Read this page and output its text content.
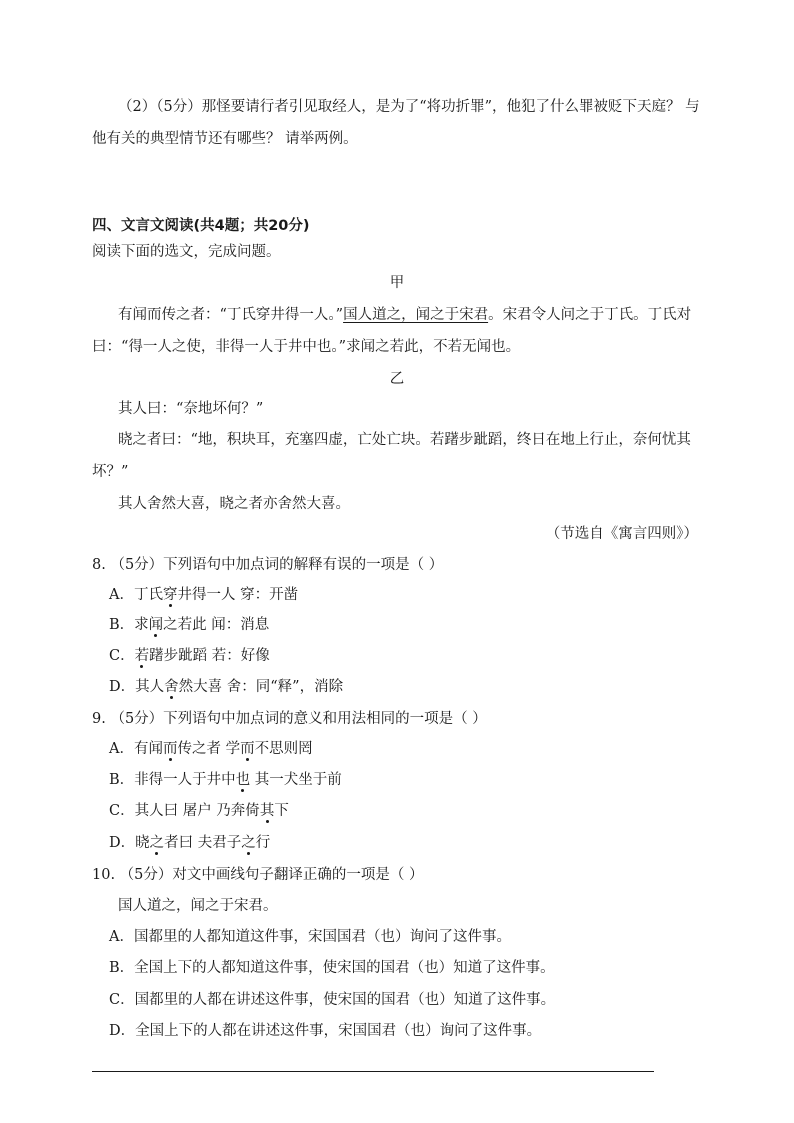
（2）（5分）那怪要请行者引见取经人，是为了“将功折罪”，他犯了什么罪被贬下天庭？ 与
他有关的典型情节还有哪些？ 请举两例。
四、文言文阅读(共4题；共20分)
阅读下面的选文，完成问题。
甲
有闻而传之者：“丁氏穿井得一人。”国人道之，闻之于宋君。宋君令人问之于丁氏。丁氏对
曰：“得一人之使，非得一人于井中也。”求闻之若此，不若无闻也。
乙
其人曰：“奈地坏何？”
晓之者曰：“地，积块耳，充塞四虚，亡处亡块。若躇步跐蹈，终日在地上行止，奈何忧其
坏？”
其人舍然大喜，晓之者亦舍然大喜。
（节选自《寓言四则》）
8. （5分）下列语句中加点词的解释有误的一项是（ ）
A．丁氏穿井得一人 穿：开凿
B．求闻之若此 闻：消息
C．若躇步跐蹈 若：好像
D．其人舍然大喜 舍：同“释”，消除
9. （5分）下列语句中加点词的意义和用法相同的一项是（ ）
A．有闻而传之者 学而不思则罔
B．非得一人于井中也 其一犬坐于前
C．其人曰 屠户 乃奔倚其下
D．晓之者曰 夫君子之行
10. （5分）对文中画线句子翻译正确的一项是（ ）
国人道之，闻之于宋君。
A．国都里的人都知道这件事，宋国国君（也）询问了这件事。
B．全国上下的人都知道这件事，使宋国的国君（也）知道了这件事。
C．国都里的人都在讲述这件事，使宋国的国君（也）知道了这件事。
D．全国上下的人都在讲述这件事，宋国国君（也）询问了这件事。
